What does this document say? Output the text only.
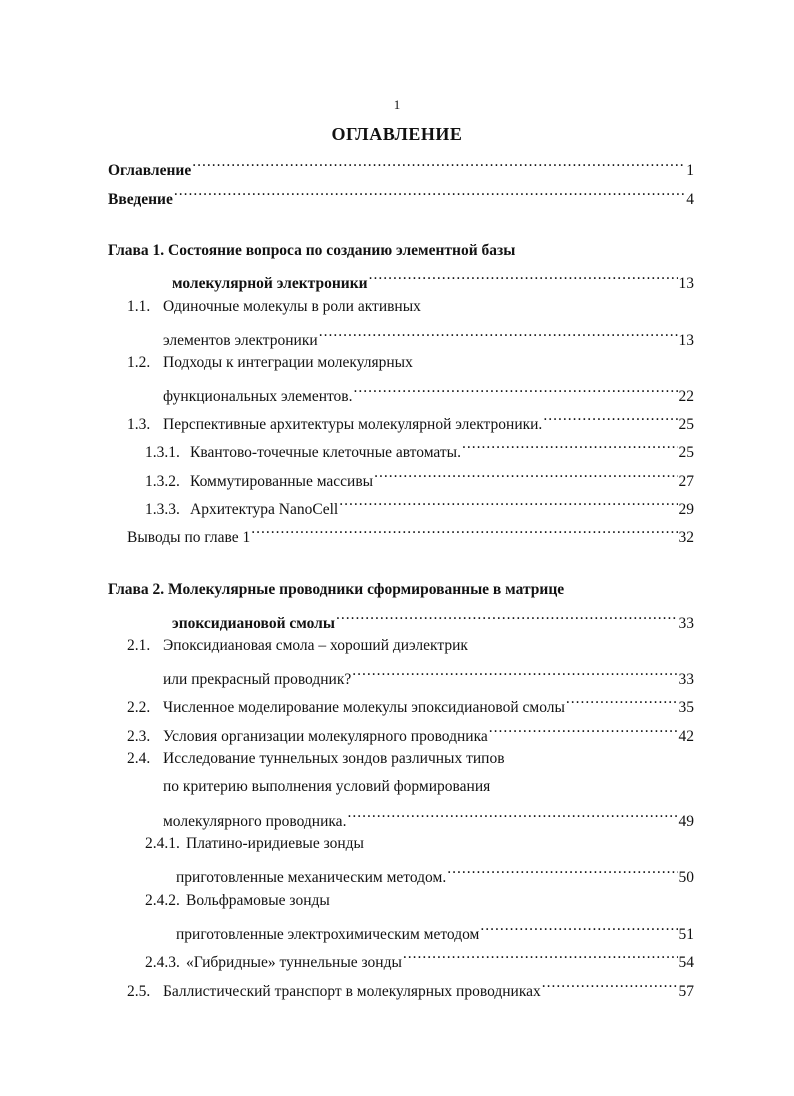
1
ОГЛАВЛЕНИЕ
Оглавление .....	1
Введение .....	4
Глава 1. Состояние вопроса по созданию элементной базы
молекулярной электроники .....	13
1.1. Одиночные молекулы в роли активных
элементов электроники .....	13
1.2. Подходы к интеграции молекулярных
функциональных элементов. .....	22
1.3. Перспективные архитектуры молекулярной электроники. .....	25
1.3.1. Квантово-точечные клеточные автоматы. .....	25
1.3.2. Коммутированные массивы .....	27
1.3.3. Архитектура NanoCell .....	29
Выводы по главе 1 .....	32
Глава 2. Молекулярные проводники сформированные в матрице
эпоксидиановой смолы .....	33
2.1. Эпоксидиановая смола – хороший диэлектрик
или прекрасный проводник? .....	33
2.2. Численное моделирование молекулы эпоксидиановой смолы .....	35
2.3. Условия организации молекулярного проводника .....	42
2.4. Исследование туннельных зондов различных типов
по критерию выполнения условий формирования
молекулярного проводника. .....	49
2.4.1. Платино-иридиевые зонды
приготовленные механическим методом. .....	50
2.4.2. Вольфрамовые зонды
приготовленные электрохимическим методом .....	51
2.4.3. «Гибридные» туннельные зонды .....	54
2.5. Баллистический транспорт в молекулярных проводниках .....	57
